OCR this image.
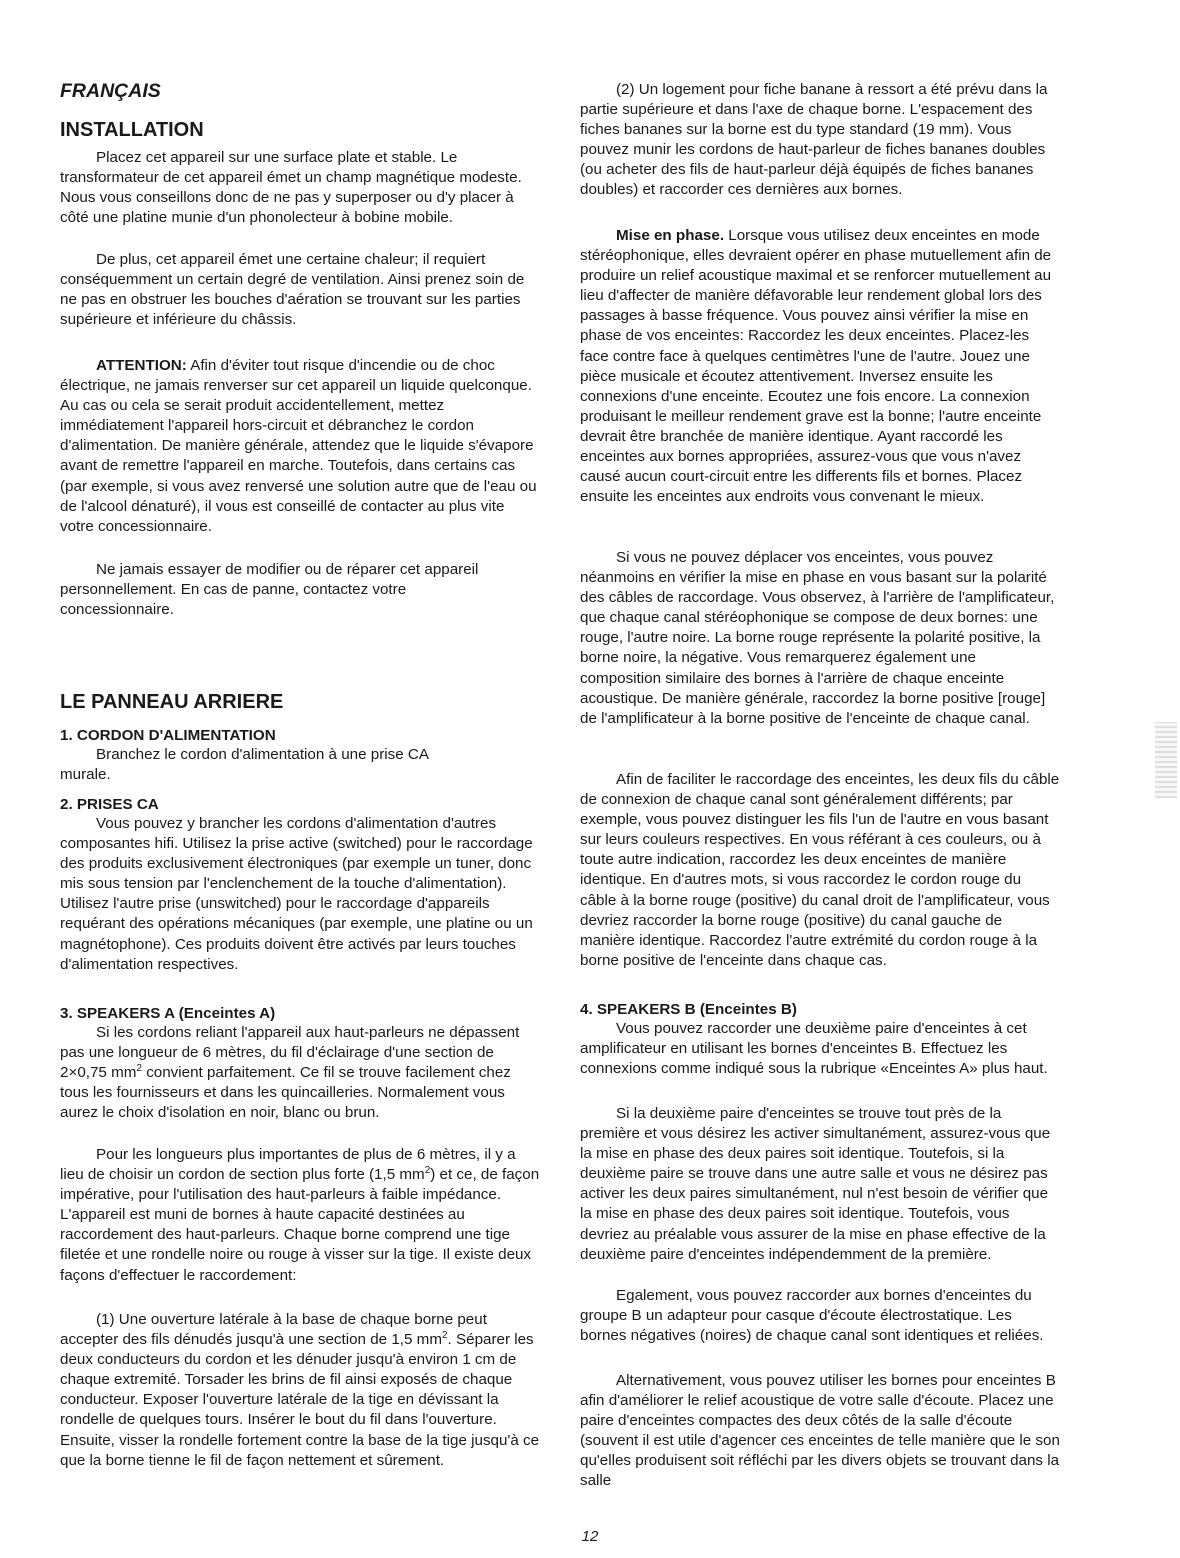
FRANÇAIS
INSTALLATION

Placez cet appareil sur une surface plate et stable. Le transformateur de cet appareil émet un champ magnétique modeste. Nous vous conseillons donc de ne pas y superposer ou d'y placer à côté une platine munie d'un phonolecteur à bobine mobile.

De plus, cet appareil émet une certaine chaleur; il requiert conséquemment un certain degré de ventilation. Ainsi prenez soin de ne pas en obstruer les bouches d'aération se trouvant sur les parties supérieure et inférieure du châssis.

ATTENTION: Afin d'éviter tout risque d'incendie ou de choc électrique, ne jamais renverser sur cet appareil un liquide quelconque. Au cas ou cela se serait produit accidentellement, mettez immédiatement l'appareil hors-circuit et débranchez le cordon d'alimentation. De manière générale, attendez que le liquide s'évapore avant de remettre l'appareil en marche. Toutefois, dans certains cas (par exemple, si vous avez renversé une solution autre que de l'eau ou de l'alcool dénaturé), il vous est conseillé de contacter au plus vite votre concessionnaire.

Ne jamais essayer de modifier ou de réparer cet appareil personnellement. En cas de panne, contactez votre concessionnaire.

LE PANNEAU ARRIERE
1. CORDON D'ALIMENTATION

Branchez le cordon d'alimentation à une prise CA murale.

2. PRISES CA

Vous pouvez y brancher les cordons d'alimentation d'autres composantes hifi. Utilisez la prise active (switched) pour le raccordage des produits exclusivement électroniques (par exemple un tuner, donc mis sous tension par l'enclenchement de la touche d'alimentation). Utilisez l'autre prise (unswitched) pour le raccordage d'appareils requérant des opérations mécaniques (par exemple, une platine ou un magnétophone). Ces produits doivent être activés par leurs touches d'alimentation respectives.

3. SPEAKERS A (Enceintes A)

Si les cordons reliant l'appareil aux haut-parleurs ne dépassent pas une longueur de 6 mètres, du fil d'éclairage d'une section de 2×0,75 $mm^2$ convient parfaitement. Ce fil se trouve facilement chez tous les fournisseurs et dans les quincailleries. Normalement vous aurez le choix d'isolation en noir, blanc ou brun.

Pour les longueurs plus importantes de plus de 6 mètres, il y a lieu de choisir un cordon de section plus forte (1,5 $mm^2$) et ce, de façon impérative, pour l'utilisation des haut-parleurs à faible impédance. L'appareil est muni de bornes à haute capacité destinées au raccordement des haut-parleurs. Chaque borne comprend une tige filetée et une rondelle noire ou rouge à visser sur la tige. Il existe deux façons d'effectuer le raccordement:

(1) Une ouverture latérale à la base de chaque borne peut accepter des fils dénudés jusqu'à une section de 1,5 $mm^2$. Séparer les deux conducteurs du cordon et les dénuder jusqu'à environ 1 cm de chaque extremité. Torsader les brins de fil ainsi exposés de chaque conducteur. Exposer l'ouverture latérale de la tige en dévissant la rondelle de quelques tours. Insérer le bout du fil dans l'ouverture. Ensuite, visser la rondelle fortement contre la base de la tige jusqu'à ce que la borne tienne le fil de façon nettement et sûrement.

(2) Un logement pour fiche banane à ressort a été prévu dans la partie supérieure et dans l'axe de chaque borne. L'espacement des fiches bananes sur la borne est du type standard (19 mm). Vous pouvez munir les cordons de haut-parleur de fiches bananes doubles (ou acheter des fils de haut-parleur déjà équipés de fiches bananes doubles) et raccorder ces dernières aux bornes.

Mise en phase. Lorsque vous utilisez deux enceintes en mode stéréophonique, elles devraient opérer en phase mutuellement afin de produire un relief acoustique maximal et se renforcer mutuellement au lieu d'affecter de manière défavorable leur rendement global lors des passages à basse fréquence. Vous pouvez ainsi vérifier la mise en phase de vos enceintes: Raccordez les deux enceintes. Placez-les face contre face à quelques centimètres l'une de l'autre. Jouez une pièce musicale et écoutez attentivement. Inversez ensuite les connexions d'une enceinte. Ecoutez une fois encore. La connexion produisant le meilleur rendement grave est la bonne; l'autre enceinte devrait être branchée de manière identique. Ayant raccordé les enceintes aux bornes appropriées, assurez-vous que vous n'avez causé aucun court-circuit entre les differents fils et bornes. Placez ensuite les enceintes aux endroits vous convenant le mieux.

Si vous ne pouvez déplacer vos enceintes, vous pouvez néanmoins en vérifier la mise en phase en vous basant sur la polarité des câbles de raccordage. Vous observez, à l'arrière de l'amplificateur, que chaque canal stéréophonique se compose de deux bornes: une rouge, l'autre noire. La borne rouge représente la polarité positive, la borne noire, la négative. Vous remarquerez également une composition similaire des bornes à l'arrière de chaque enceinte acoustique. De manière générale, raccordez la borne positive [rouge] de l'amplificateur à la borne positive de l'enceinte de chaque canal.

Afin de faciliter le raccordage des enceintes, les deux fils du câble de connexion de chaque canal sont généralement différents; par exemple, vous pouvez distinguer les fils l'un de l'autre en vous basant sur leurs couleurs respectives. En vous référant à ces couleurs, ou à toute autre indication, raccordez les deux enceintes de manière identique. En d'autres mots, si vous raccordez le cordon rouge du câble à la borne rouge (positive) du canal droit de l'amplificateur, vous devriez raccorder la borne rouge (positive) du canal gauche de manière identique. Raccordez l'autre extrémité du cordon rouge à la borne positive de l'enceinte dans chaque cas.

4. SPEAKERS B (Enceintes B)

Vous pouvez raccorder une deuxième paire d'enceintes à cet amplificateur en utilisant les bornes d'enceintes B. Effectuez les connexions comme indiqué sous la rubrique «Enceintes A» plus haut.

Si la deuxième paire d'enceintes se trouve tout près de la première et vous désirez les activer simultanément, assurez-vous que la mise en phase des deux paires soit identique. Toutefois, si la deuxième paire se trouve dans une autre salle et vous ne désirez pas activer les deux paires simultanément, nul n'est besoin de vérifier que la mise en phase des deux paires soit identique. Toutefois, vous devriez au préalable vous assurer de la mise en phase effective de la deuxième paire d'enceintes indépendemment de la première.

Egalement, vous pouvez raccorder aux bornes d'enceintes du groupe B un adapteur pour casque d'écoute électrostatique. Les bornes négatives (noires) de chaque canal sont identiques et reliées.

Alternativement, vous pouvez utiliser les bornes pour enceintes B afin d'améliorer le relief acoustique de votre salle d'écoute. Placez une paire d'enceintes compactes des deux côtés de la salle d'écoute (souvent il est utile d'agencer ces enceintes de telle manière que le son qu'elles produisent soit réfléchi par les divers objets se trouvant dans la salle

12
